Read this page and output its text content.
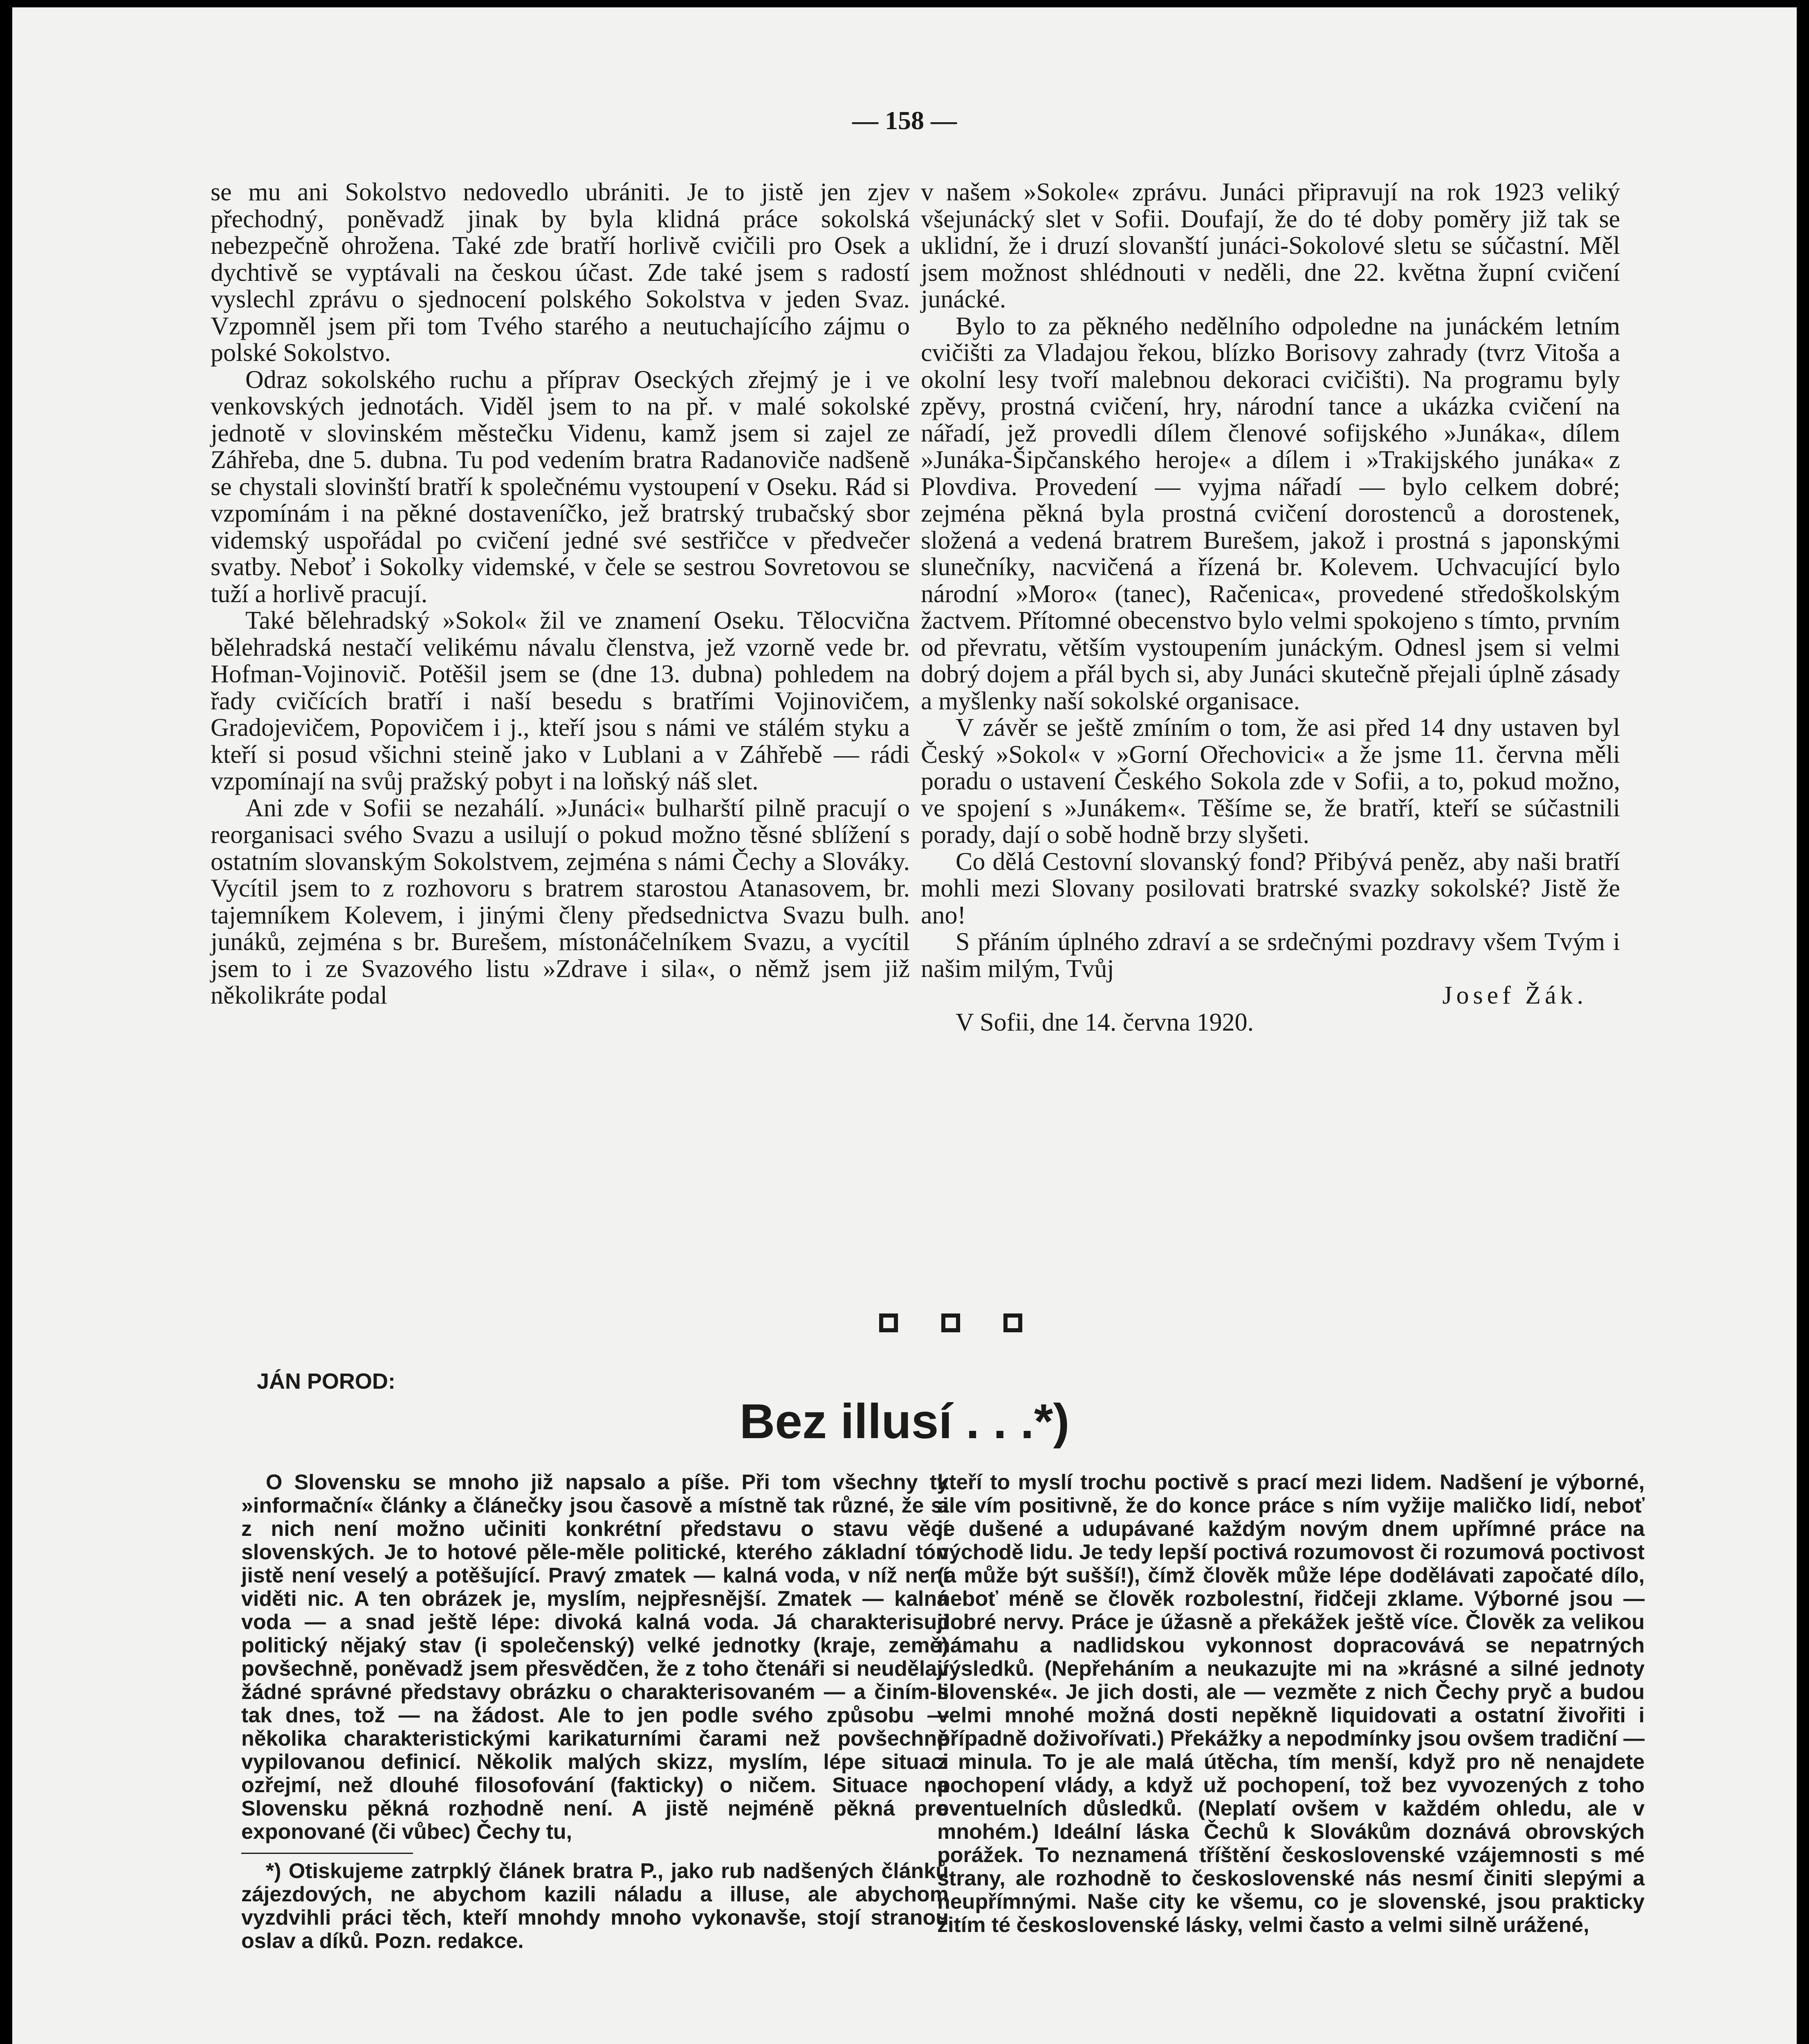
— 158 —

se mu ani Sokolstvo nedovedlo ubrániti. Je to jistě jen zjev přechodný, poněvadž jinak by byla klidná práce sokolská nebezpečně ohrožena. Také zde bratří horlivě cvičili pro Osek a dychtivě se vyptávali na českou účast. Zde také jsem s radostí vyslechl zprávu o sjednocení polského Sokolstva v jeden Svaz. Vzpomněl jsem při tom Tvého starého a neutuchajícího zájmu o polské Sokolstvo.

Odraz sokolského ruchu a příprav Oseckých zřejmý je i ve venkovských jednotách. Viděl jsem to na př. v malé sokolské jednotě v slovinském městečku Videnu, kamž jsem si zajel ze Záhřeba, dne 5. dubna. Tu pod vedením bratra Radanoviče nadšeně se chystali slovinští bratří k společnému vystoupení v Oseku. Rád si vzpomínám i na pěkné dostaveníčko, jež bratrský trubačský sbor videmský uspořádal po cvičení jedné své sestřičce v předvečer svatby. Neboť i Sokolky videmské, v čele se sestrou Sovretovou se tuží a horlivě pracují.

Také bělehradský »Sokol« žil ve znamení Oseku. Tělocvična bělehradská nestačí velikému návalu členstva, jež vzorně vede br. Hofman-Vojinovič. Potěšil jsem se (dne 13. dubna) pohledem na řady cvičících bratří i naší besedu s bratřími Vojinovičem, Gradojevičem, Popovičem i j., kteří jsou s námi ve stálém styku a kteří si posud všichni steině jako v Lublani a v Záhřebě — rádi vzpomínají na svůj pražský pobyt i na loňský náš slet.

Ani zde v Sofii se nezahálí. »Junáci« bulharští pilně pracují o reorganisaci svého Svazu a usilují o pokud možno těsné sblížení s ostatním slovanským Sokolstvem, zejména s námi Čechy a Slováky. Vycítil jsem to z rozhovoru s bratrem starostou Atanasovem, br. tajemníkem Kolevem, i jinými členy předsednictva Svazu bulh. junáků, zejména s br. Burešem, místonáčelníkem Svazu, a vycítil jsem to i ze Svazového listu »Zdrave i sila«, o němž jsem již několikráte podal

v našem »Sokole« zprávu. Junáci připravují na rok 1923 veliký všejunácký slet v Sofii. Doufají, že do té doby poměry již tak se uklidní, že i druzí slovanští junáci-Sokolové sletu se súčastní. Měl jsem možnost shlédnouti v neděli, dne 22. května župní cvičení junácké.

Bylo to za pěkného nedělního odpoledne na junáckém letním cvičišti za Vladajou řekou, blízko Borisovy zahrady (tvrz Vitoša a okolní lesy tvoří malebnou dekoraci cvičišti). Na programu byly zpěvy, prostná cvičení, hry, národní tance a ukázka cvičení na nářadí, jež provedli dílem členové sofijského »Junáka«, dílem »Junáka-Šipčanského heroje« a dílem i »Trakijského junáka« z Plovdiva. Provedení — vyjma nářadí — bylo celkem dobré; zejména pěkná byla prostná cvičení dorostenců a dorostenek, složená a vedená bratrem Burešem, jakož i prostná s japonskými slunečníky, nacvičená a řízená br. Kolevem. Uchvacující bylo národní »Moro« (tanec), Račenica«, provedené středoškolským žactvem. Přítomné obecenstvo bylo velmi spokojeno s tímto, prvním od převratu, větším vystoupením junáckým. Odnesl jsem si velmi dobrý dojem a přál bych si, aby Junáci skutečně přejali úplně zásady a myšlenky naší sokolské organisace.

V závěr se ještě zmíním o tom, že asi před 14 dny ustaven byl Český »Sokol« v »Gorní Ořechovici« a že jsme 11. června měli poradu o ustavení Českého Sokola zde v Sofii, a to, pokud možno, ve spojení s »Junákem«. Těšíme se, že bratří, kteří se súčastnili porady, dají o sobě hodně brzy slyšeti.

Co dělá Cestovní slovanský fond? Přibývá peněz, aby naši bratří mohli mezi Slovany posilovati bratrské svazky sokolské? Jistě že ano!

S přáním úplného zdraví a se srdečnými pozdravy všem Tvým i našim milým, Tvůj

Josef Žák.

V Sofii, dne 14. června 1920.

JÁN POROD:
Bez illusí . . .*)

O Slovensku se mnoho již napsalo a píše. Při tom všechny ty »informační« články a článečky jsou časově a místně tak různé, že si z nich není možno učiniti konkrétní představu o stavu věcí slovenských. Je to hotové pěle-měle politické, kterého základní tón jistě není veselý a potěšující. Pravý zmatek — kalná voda, v níž není viděti nic. A ten obrázek je, myslím, nejpřesnější. Zmatek — kalná voda — a snad ještě lépe: divoká kalná voda. Já charakterisuji politický nějaký stav (i společenský) velké jednotky (kraje, země) povšechně, poněvadž jsem přesvědčen, že z toho čtenáři si neudělají žádné správné představy obrázku o charakterisovaném — a činím-li tak dnes, tož — na žádost. Ale to jen podle svého způsobu — několika charakteristickými karikaturními čarami než povšechně vypilovanou definicí. Několik malých skizz, myslím, lépe situaci ozřejmí, než dlouhé filosofování (fakticky) o ničem. Situace na Slovensku pěkná rozhodně není. A jistě nejméně pěkná pro exponované (či vůbec) Čechy tu,

*) Otiskujeme zatrpklý článek bratra P., jako rub nadšených článků zájezdových, ne abychom kazili náladu a illuse, ale abychom vyzdvihli práci těch, kteří mnohdy mnoho vykonavše, stojí stranou oslav a díků. Pozn. redakce.

kteří to myslí trochu poctivě s prací mezi lidem. Nadšení je výborné, ale vím positivně, že do konce práce s ním vyžije maličko lidí, neboť je dušené a udupávané každým novým dnem upřímné práce na východě lidu. Je tedy lepší poctivá rozumovost či rozumová poctivost (a může být sušší!), čímž člověk může lépe dodělávati započaté dílo, neboť méně se člověk rozbolestní, řidčeji zklame. Výborné jsou — dobré nervy. Práce je úžasně a překážek ještě více. Člověk za velikou námahu a nadlidskou vykonnost dopracovává se nepatrných výsledků. (Nepřeháním a neukazujte mi na »krásné a silné jednoty slovenské«. Je jich dosti, ale — vezměte z nich Čechy pryč a budou velmi mnohé možná dosti nepěkně liquidovati a ostatní živořiti i případně doživořívati.) Překážky a nepodmínky jsou ovšem tradiční — z minula. To je ale malá útěcha, tím menší, když pro ně nenajdete pochopení vlády, a když už pochopení, tož bez vyvozených z toho eventuelních důsledků. (Neplatí ovšem v každém ohledu, ale v mnohém.) Ideální láska Čechů k Slovákům doznává obrovských porážek. To neznamená tříštění československé vzájemnosti s mé strany, ale rozhodně to československé nás nesmí činiti slepými a neupřímnými. Naše city ke všemu, co je slovenské, jsou prakticky žitím té československé lásky, velmi často a velmi silně urážené,
